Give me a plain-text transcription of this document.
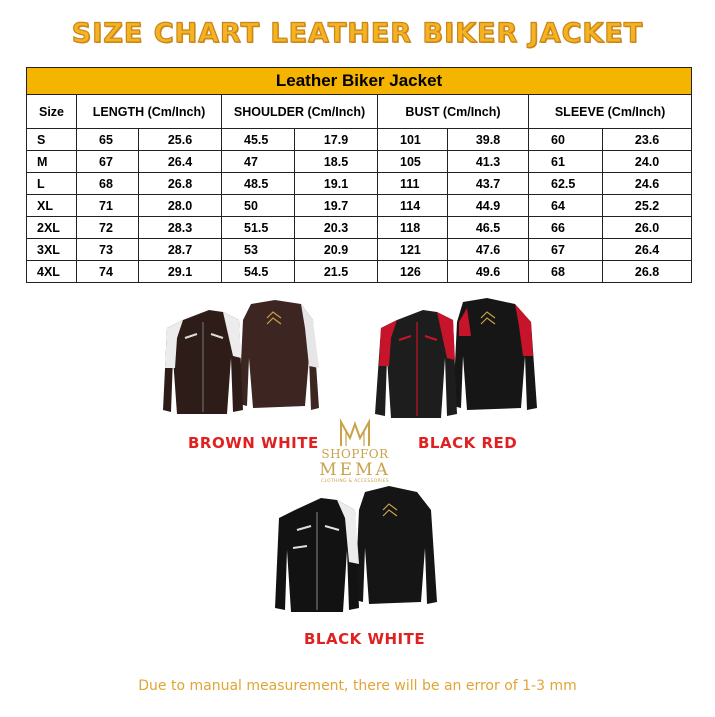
SIZE CHART LEATHER BIKER JACKET
Leather Biker Jacket								
Size	LENGTH (Cm/Inch)		SHOULDER (Cm/Inch)		BUST (Cm/Inch)		SLEEVE (Cm/Inch)	
S	65	25.6	45.5	17.9	101	39.8	60	23.6
M	67	26.4	47	18.5	105	41.3	61	24.0
L	68	26.8	48.5	19.1	111	43.7	62.5	24.6
XL	71	28.0	50	19.7	114	44.9	64	25.2
2XL	72	28.3	51.5	20.3	118	46.5	66	26.0
3XL	73	28.7	53	20.9	121	47.6	67	26.4
4XL	74	29.1	54.5	21.5	126	49.6	68	26.8
BROWN WHITE	BLACK RED
SHOPFOR
MEMA
CLOTHING & ACCESSORIES
BLACK WHITE
Due to manual measurement, there will be an error of 1-3 mm
